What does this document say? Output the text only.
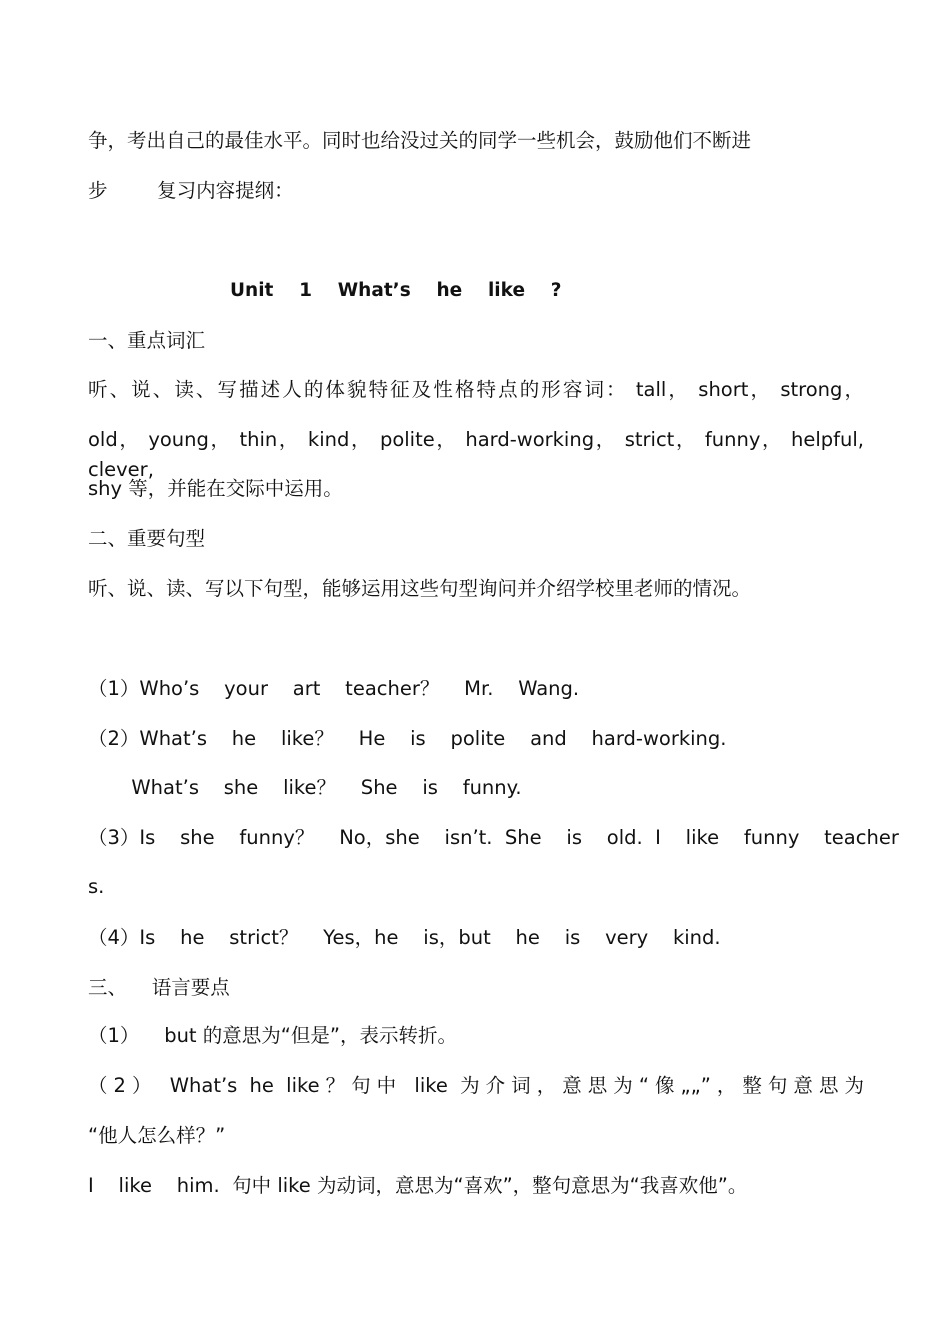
争，考出自己的最佳水平。同时也给没过关的同学一些机会，鼓励他们不断进
步        复习内容提纲：
Unit    1    What’s    he    like    ?
一、重点词汇
听、说、读、写描述人的体貌特征及性格特点的形容词： tall， short， strong，
old， young， thin， kind， polite， hard-working， strict， funny， helpful, clever,
shy 等，并能在交际中运用。
二、重要句型
听、说、读、写以下句型，能够运用这些句型询问并介绍学校里老师的情况。
（1）Who’s    your    art    teacher？    Mr.    Wang.
（2）What’s    he    like？    He    is    polite    and    hard-working.
What’s    she    like？    She    is    funny.
（3）Is    she    funny？    No，she    isn’t.  She    is    old.  I    like    funny    teacher
s.
（4）Is    he    strict？    Yes，he    is，but    he    is    very    kind.
三、    语言要点
（1）    but 的意思为“但是”，表示转折。
（2） What’s he like？句中 like 为介词，意思为“像„„”，整句意思为
“他人怎么样？”
I    like    him.  句中 like 为动词，意思为“喜欢”，整句意思为“我喜欢他”。
